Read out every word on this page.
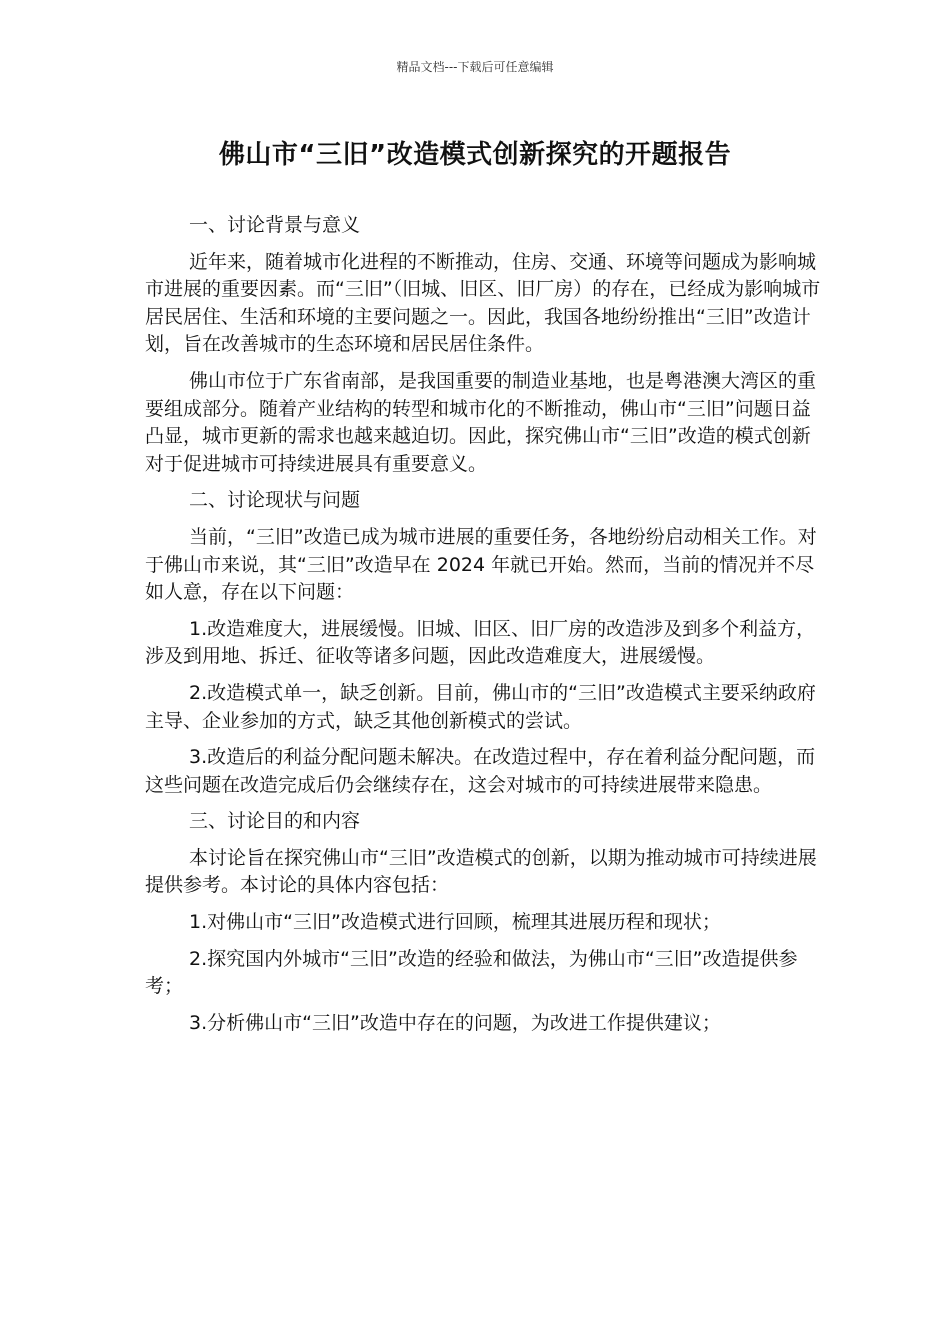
精品文档---下载后可任意编辑
佛山市“三旧”改造模式创新探究的开题报告

一、讨论背景与意义

近年来，随着城市化进程的不断推动，住房、交通、环境等问题成为影响城市进展的重要因素。而“三旧”（旧城、旧区、旧厂房）的存在，已经成为影响城市居民居住、生活和环境的主要问题之一。因此，我国各地纷纷推出“三旧”改造计划，旨在改善城市的生态环境和居民居住条件。

佛山市位于广东省南部，是我国重要的制造业基地，也是粤港澳大湾区的重要组成部分。随着产业结构的转型和城市化的不断推动，佛山市“三旧”问题日益凸显，城市更新的需求也越来越迫切。因此，探究佛山市“三旧”改造的模式创新对于促进城市可持续进展具有重要意义。

二、讨论现状与问题

当前，“三旧”改造已成为城市进展的重要任务，各地纷纷启动相关工作。对于佛山市来说，其“三旧”改造早在 2024 年就已开始。然而，当前的情况并不尽如人意，存在以下问题：

1.改造难度大，进展缓慢。旧城、旧区、旧厂房的改造涉及到多个利益方，涉及到用地、拆迁、征收等诸多问题，因此改造难度大，进展缓慢。

2.改造模式单一，缺乏创新。目前，佛山市的“三旧”改造模式主要采纳政府主导、企业参加的方式，缺乏其他创新模式的尝试。

3.改造后的利益分配问题未解决。在改造过程中，存在着利益分配问题，而这些问题在改造完成后仍会继续存在，这会对城市的可持续进展带来隐患。

三、讨论目的和内容

本讨论旨在探究佛山市“三旧”改造模式的创新，以期为推动城市可持续进展提供参考。本讨论的具体内容包括：

1.对佛山市“三旧”改造模式进行回顾，梳理其进展历程和现状；

2.探究国内外城市“三旧”改造的经验和做法，为佛山市“三旧”改造提供参考；

3.分析佛山市“三旧”改造中存在的问题，为改进工作提供建议；
